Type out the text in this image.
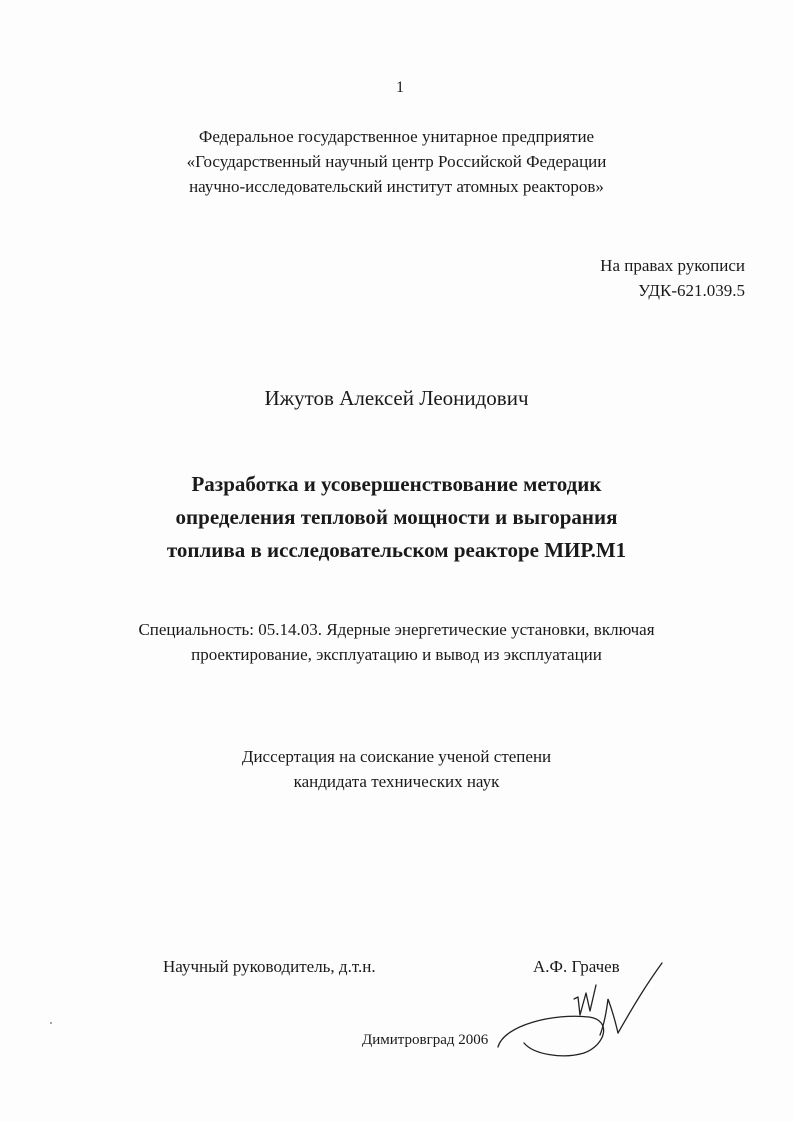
1
Федеральное государственное унитарное предприятие
«Государственный научный центр Российской Федерации
научно-исследовательский институт атомных реакторов»
На правах рукописи
УДК-621.039.5
Ижутов Алексей Леонидович
Разработка и усовершенствование методик
определения тепловой мощности и выгорания
топлива в исследовательском реакторе МИР.М1
Специальность: 05.14.03. Ядерные энергетические установки, включая
проектирование, эксплуатацию и вывод из эксплуатации
Диссертация на соискание ученой степени
кандидата технических наук
Научный руководитель, д.т.н.	А.Ф. Грачев
Димитровград 2006
